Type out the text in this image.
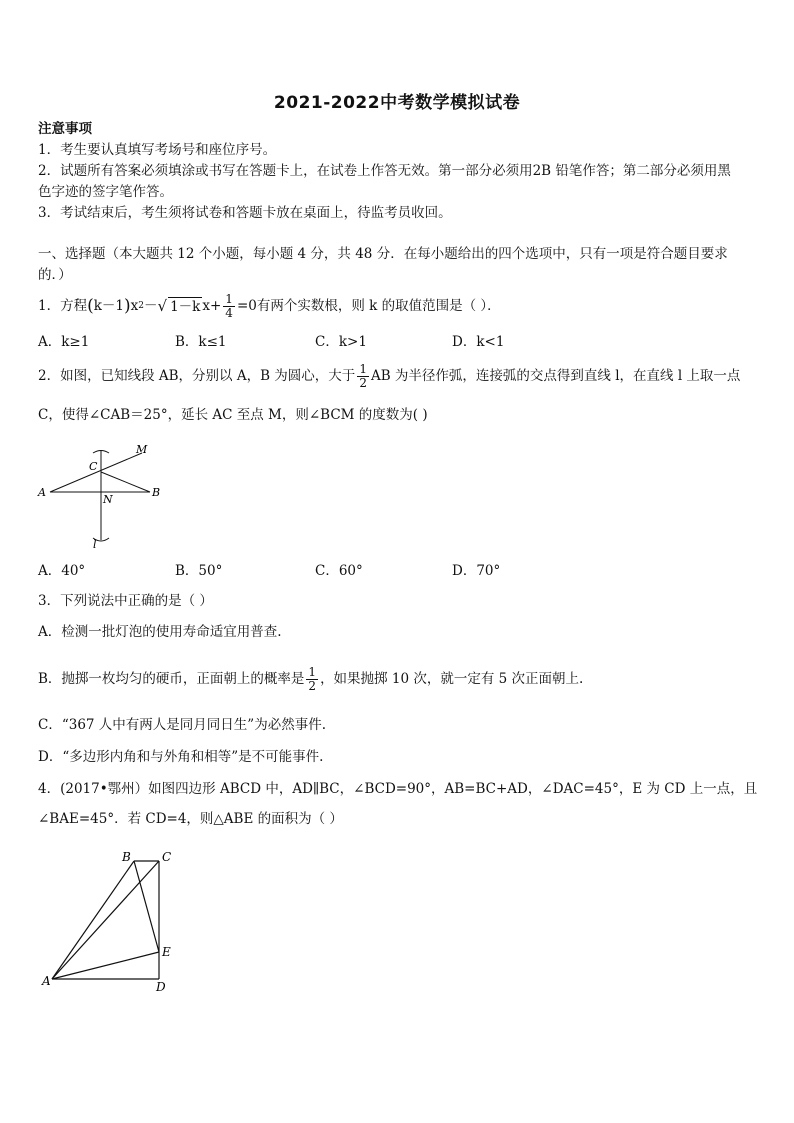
2021-2022中考数学模拟试卷
注意事项
1．考生要认真填写考场号和座位序号。
2．试题所有答案必须填涂或书写在答题卡上，在试卷上作答无效。第一部分必须用2B 铅笔作答；第二部分必须用黑
色字迹的签字笔作答。
3．考试结束后，考生须将试卷和答题卡放在桌面上，待监考员收回。
一、选择题（本大题共 12 个小题，每小题 4 分，共 48 分．在每小题给出的四个选项中，只有一项是符合题目要求
的．）
1．方程 ( k－1 ) x 2 － √ 1－k $x+ \frac{1}{4} =0$ 有两个实数根，则 k 的取值范围是（ ）．
A．k≥1	B．k≤1	C．k>1	D．k<1
2．如图，已知线段 AB，分别以 A，B 为圆心，大于 $\frac{1}{2}$ AB 为半径作弧，连接弧的交点得到直线 l，在直线 l 上取一点
C，使得∠CAB＝25°，延长 AC 至点 M，则∠BCM 的度数为( )
A	B
C
M
N
l
A．40°	B．50°	C．60°	D．70°
3．下列说法中正确的是（ ）
A．检测一批灯泡的使用寿命适宜用普查.
B．抛掷一枚均匀的硬币，正面朝上的概率是 $\frac{1}{2}$ ，如果抛掷 10 次，就一定有 5 次正面朝上.
C．“367 人中有两人是同月同日生”为必然事件.
D．“多边形内角和与外角和相等”是不可能事件.
4．(2017•鄂州）如图四边形 ABCD 中，AD∥BC，∠BCD=90°，AB=BC+AD，∠DAC=45°，E 为 CD 上一点，且
∠BAE=45°．若 CD=4，则△ABE 的面积为（ ）
B	C
E
A	D
